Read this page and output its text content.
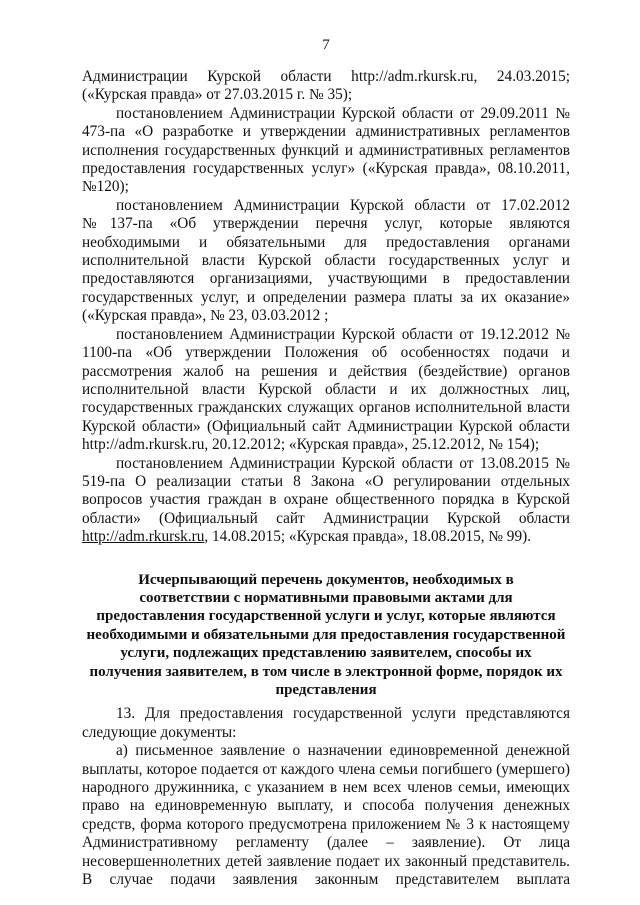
7

Администрации Курской области http://adm.rkursk.ru, 24.03.2015; («Курская правда» от 27.03.2015 г. № 35);

постановлением Администрации Курской области от 29.09.2011 № 473-па «О разработке и утверждении административных регламентов исполнения государственных функций и административных регламентов предоставления государственных услуг» («Курская правда», 08.10.2011, №120);

постановлением Администрации Курской области от 17.02.2012 №137-па «Об утверждении перечня услуг, которые являются необходимыми и обязательными для предоставления органами исполнительной власти Курской области государственных услуг и предоставляются организациями, участвующими в предоставлении государственных услуг, и определении размера платы за их оказание» («Курская правда», № 23, 03.03.2012 ;

постановлением Администрации Курской области от 19.12.2012 № 1100-па «Об утверждении Положения об особенностях подачи и рассмотрения жалоб на решения и действия (бездействие) органов исполнительной власти Курской области и их должностных лиц, государственных гражданских служащих органов исполнительной власти Курской области» (Официальный сайт Администрации Курской области http://adm.rkursk.ru, 20.12.2012; «Курская правда», 25.12.2012, № 154);

постановлением Администрации Курской области от 13.08.2015 № 519-па О реализации статьи 8 Закона «О регулировании отдельных вопросов участия граждан в охране общественного порядка в Курской области» (Официальный сайт Администрации Курской области http://adm.rkursk.ru, 14.08.2015; «Курская правда», 18.08.2015, № 99).

Исчерпывающий перечень документов, необходимых в
соответствии с нормативными правовыми актами для
предоставления государственной услуги и услуг, которые являются
необходимыми и обязательными для предоставления государственной
услуги, подлежащих представлению заявителем, способы их
получения заявителем, в том числе в электронной форме, порядок их
представления

13. Для предоставления государственной услуги представляются следующие документы:

а) письменное заявление о назначении единовременной денежной выплаты, которое подается от каждого члена семьи погибшего (умершего) народного дружинника, с указанием в нем всех членов семьи, имеющих право на единовременную выплату, и способа получения денежных средств, форма которого предусмотрена приложением № 3 к настоящему Административному регламенту (далее – заявление). От лица несовершеннолетних детей заявление подает их законный представитель. В случае подачи заявления законным представителем выплата
